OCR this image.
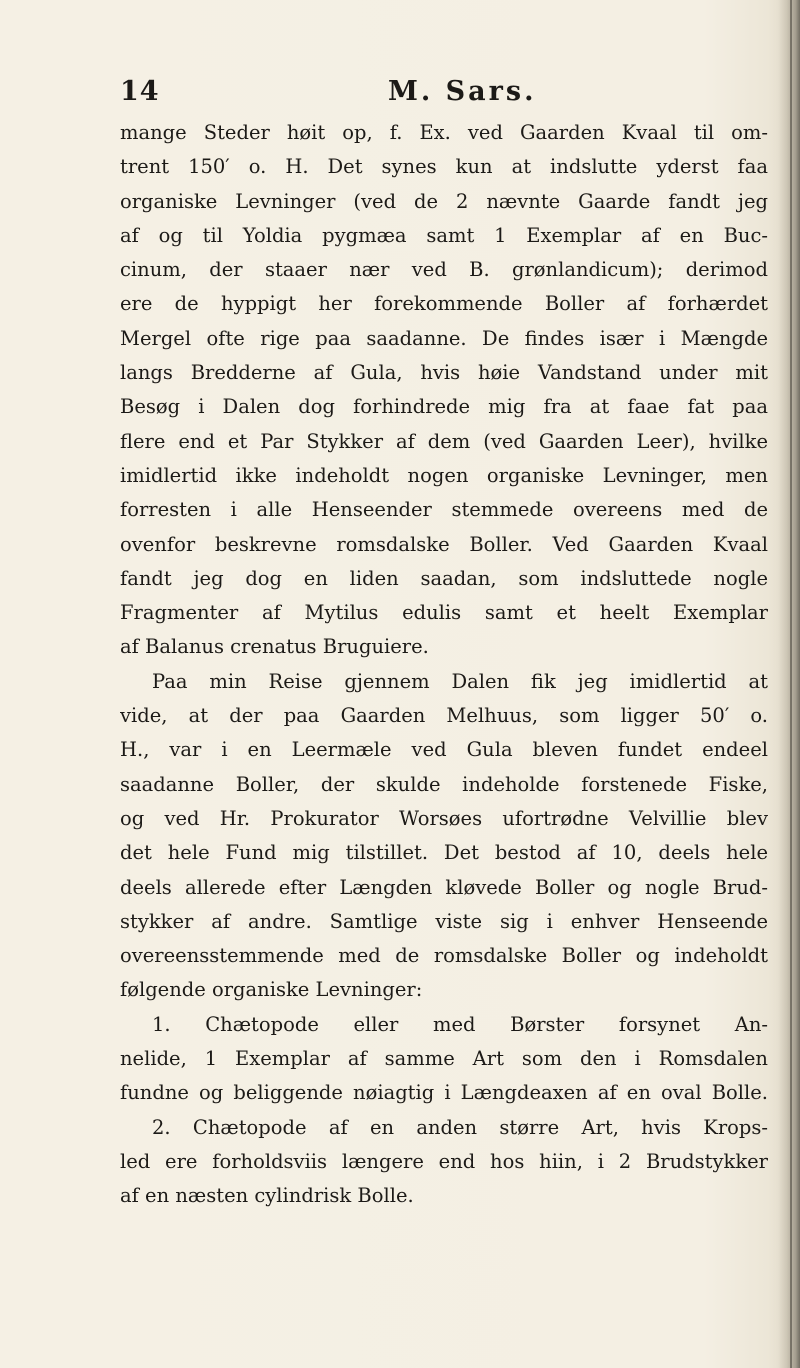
14	M. Sars.
mange Steder høit op, f. Ex. ved Gaarden Kvaal til om-
trent 150′ o. H. Det synes kun at indslutte yderst faa
organiske Levninger (ved de 2 nævnte Gaarde fandt jeg
af og til Yoldia pygmæa samt 1 Exemplar af en Buc-
cinum, der staaer nær ved B. grønlandicum); derimod
ere de hyppigt her forekommende Boller af forhærdet
Mergel ofte rige paa saadanne. De findes især i Mængde
langs Bredderne af Gula, hvis høie Vandstand under mit
Besøg i Dalen dog forhindrede mig fra at faae fat paa
flere end et Par Stykker af dem (ved Gaarden Leer), hvilke
imidlertid ikke indeholdt nogen organiske Levninger, men
forresten i alle Henseender stemmede overeens med de
ovenfor beskrevne romsdalske Boller. Ved Gaarden Kvaal
fandt jeg dog en liden saadan, som indsluttede nogle
Fragmenter af Mytilus edulis samt et heelt Exemplar
af Balanus crenatus Bruguiere.
Paa min Reise gjennem Dalen fik jeg imidlertid at
vide, at der paa Gaarden Melhuus, som ligger 50′ o.
H., var i en Leermæle ved Gula bleven fundet endeel
saadanne Boller, der skulde indeholde forstenede Fiske,
og ved Hr. Prokurator Worsøes ufortrødne Velvillie blev
det hele Fund mig tilstillet. Det bestod af 10, deels hele
deels allerede efter Længden kløvede Boller og nogle Brud-
stykker af andre. Samtlige viste sig i enhver Henseende
overeensstemmende med de romsdalske Boller og indeholdt
følgende organiske Levninger:
1. Chætopode eller med Børster forsynet An-
nelide, 1 Exemplar af samme Art som den i Romsdalen
fundne og beliggende nøiagtig i Længdeaxen af en oval Bolle.
2. Chætopode af en anden større Art, hvis Krops-
led ere forholdsviis længere end hos hiin, i 2 Brudstykker
af en næsten cylindrisk Bolle.
